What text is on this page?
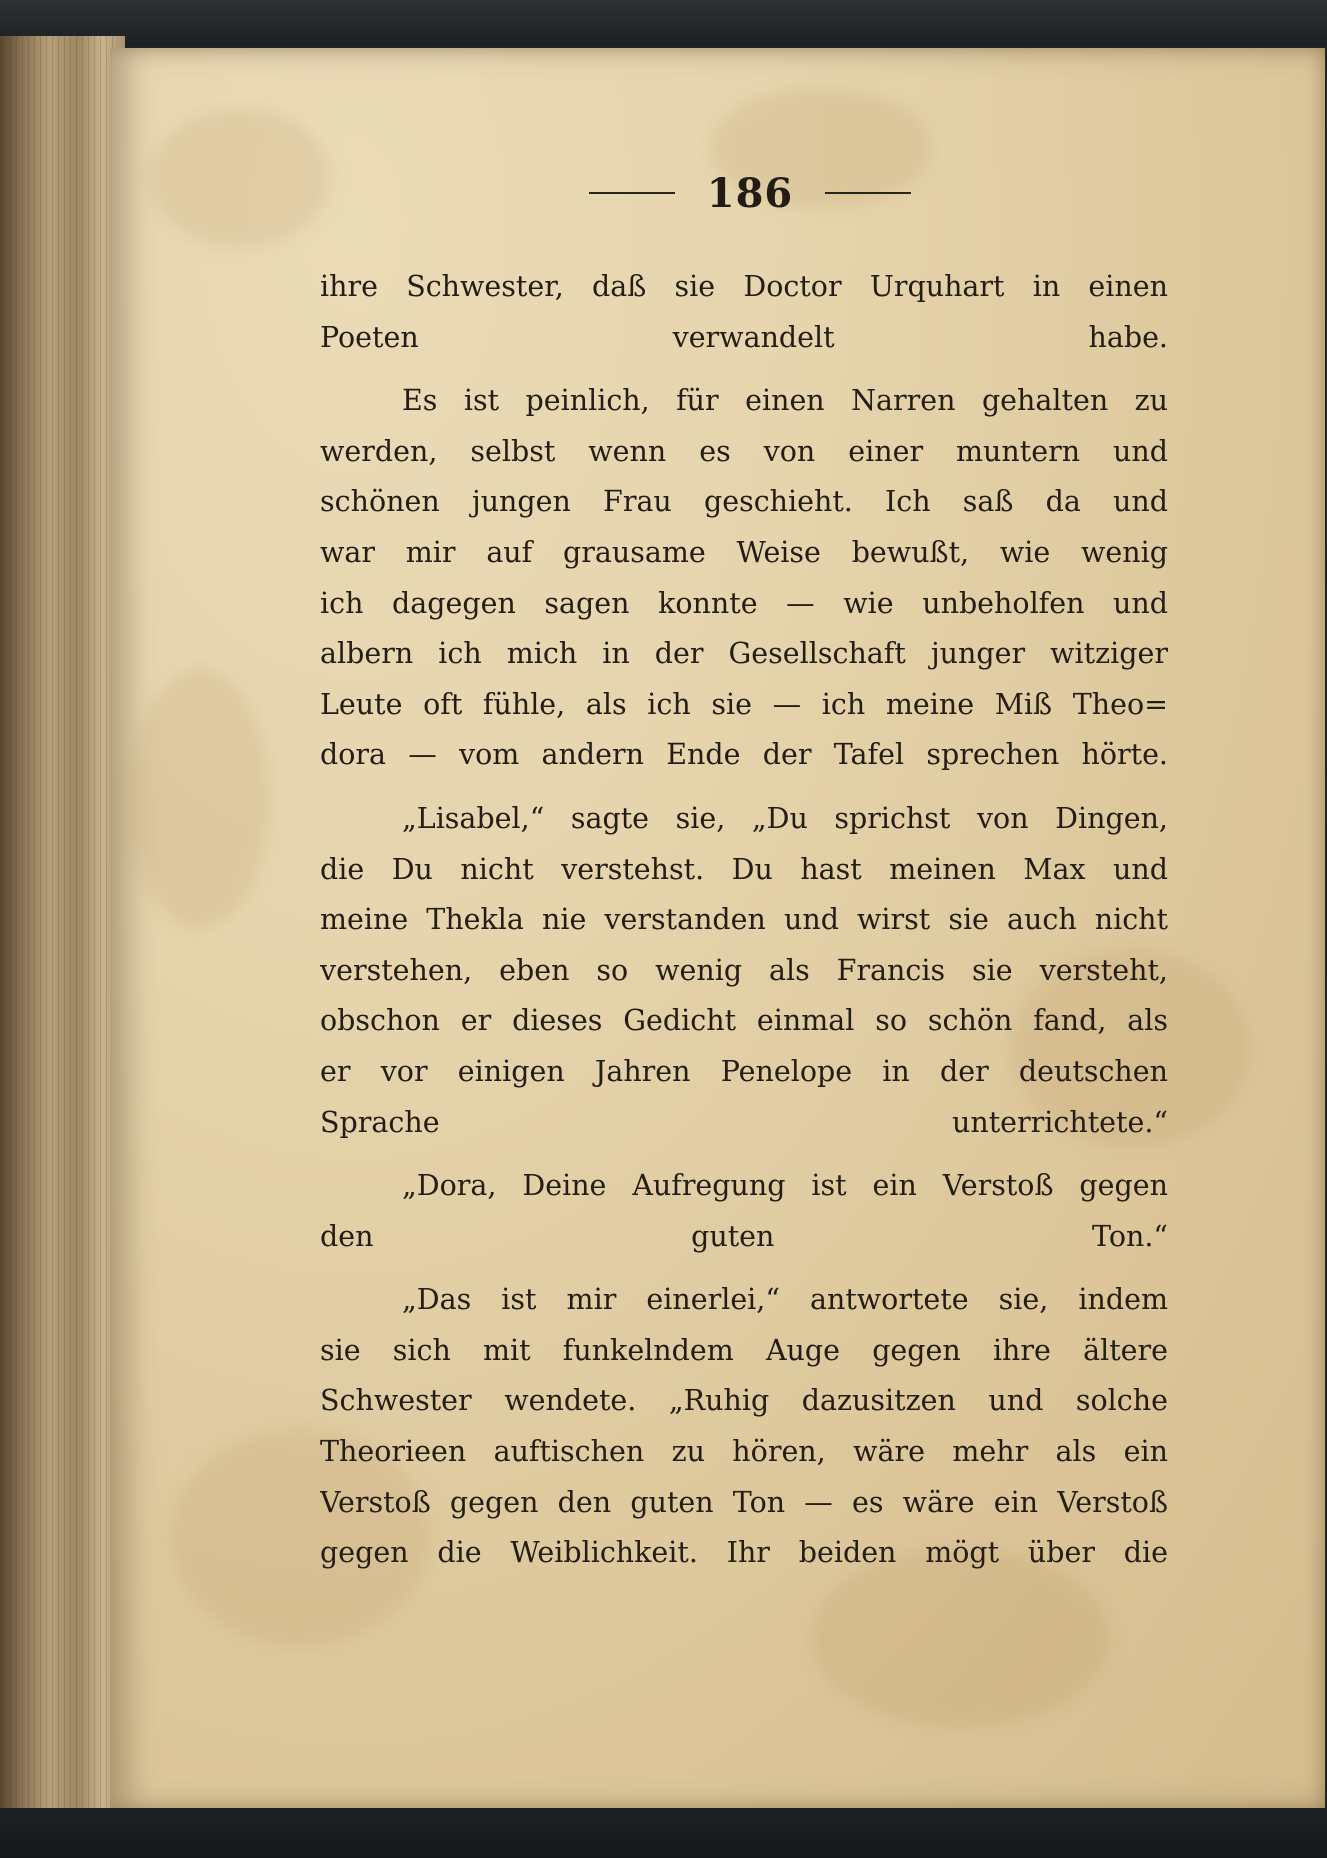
186
ihre Schwester, daß sie Doctor Urquhart in einen
Poeten verwandelt habe.
Es ist peinlich, für einen Narren gehalten zu
werden, selbst wenn es von einer muntern und
schönen jungen Frau geschieht. Ich saß da und
war mir auf grausame Weise bewußt, wie wenig
ich dagegen sagen konnte — wie unbeholfen und
albern ich mich in der Gesellschaft junger witziger
Leute oft fühle, als ich sie — ich meine Miß Theo=
dora — vom andern Ende der Tafel sprechen hörte.
„Lisabel,“ sagte sie, „Du sprichst von Dingen,
die Du nicht verstehst. Du hast meinen Max und
meine Thekla nie verstanden und wirst sie auch nicht
verstehen, eben so wenig als Francis sie versteht,
obschon er dieses Gedicht einmal so schön fand, als
er vor einigen Jahren Penelope in der deutschen
Sprache unterrichtete.“
„Dora, Deine Aufregung ist ein Verstoß gegen
den guten Ton.“
„Das ist mir einerlei,“ antwortete sie, indem
sie sich mit funkelndem Auge gegen ihre ältere
Schwester wendete. „Ruhig dazusitzen und solche
Theorieen auftischen zu hören, wäre mehr als ein
Verstoß gegen den guten Ton — es wäre ein Verstoß
gegen die Weiblichkeit. Ihr beiden mögt über die
